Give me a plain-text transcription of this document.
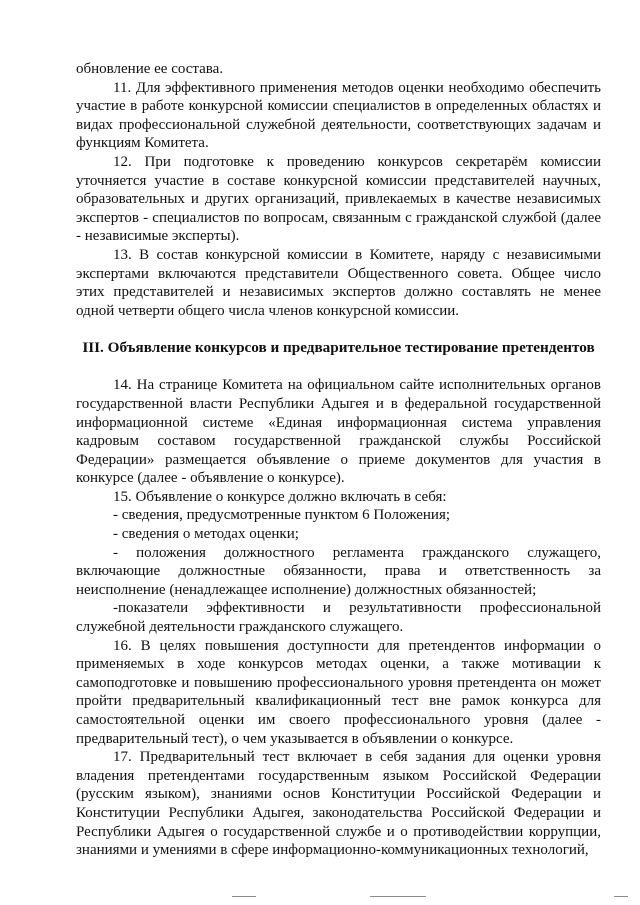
обновление ее состава.

11. Для эффективного применения методов оценки необходимо обеспечить участие в работе конкурсной комиссии специалистов в определенных областях и видах профессиональной служебной деятельности, соответствующих задачам и функциям Комитета.

12. При подготовке к проведению конкурсов секретарём комиссии уточняется участие в составе конкурсной комиссии представителей научных, образовательных и других организаций, привлекаемых в качестве независимых экспертов - специалистов по вопросам, связанным с гражданской службой (далее - независимые эксперты).

13. В состав конкурсной комиссии в Комитете, наряду с независимыми экспертами включаются представители Общественного совета. Общее число этих представителей и независимых экспертов должно составлять не менее одной четверти общего числа членов конкурсной комиссии.

III. Объявление конкурсов и предварительное тестирование претендентов

14. На странице Комитета на официальном сайте исполнительных органов государственной власти Республики Адыгея и в федеральной государственной информационной системе «Единая информационная система управления кадровым составом государственной гражданской службы Российской Федерации» размещается объявление о приеме документов для участия в конкурсе (далее - объявление о конкурсе).

15. Объявление о конкурсе должно включать в себя:

- сведения, предусмотренные пунктом 6 Положения;

- сведения о методах оценки;

- положения должностного регламента гражданского служащего, включающие должностные обязанности, права и ответственность за неисполнение (ненадлежащее исполнение) должностных обязанностей;

-показатели эффективности и результативности профессиональной служебной деятельности гражданского служащего.

16. В целях повышения доступности для претендентов информации о применяемых в ходе конкурсов методах оценки, а также мотивации к самоподготовке и повышению профессионального уровня претендента он может пройти предварительный квалификационный тест вне рамок конкурса для самостоятельной оценки им своего профессионального уровня (далее - предварительный тест), о чем указывается в объявлении о конкурсе.

17. Предварительный тест включает в себя задания для оценки уровня владения претендентами государственным языком Российской Федерации (русским языком), знаниями основ Конституции Российской Федерации и Конституции Республики Адыгея, законодательства Российской Федерации и Республики Адыгея о государственной службе и о противодействии коррупции, знаниями и умениями в сфере информационно-коммуникационных технологий,
